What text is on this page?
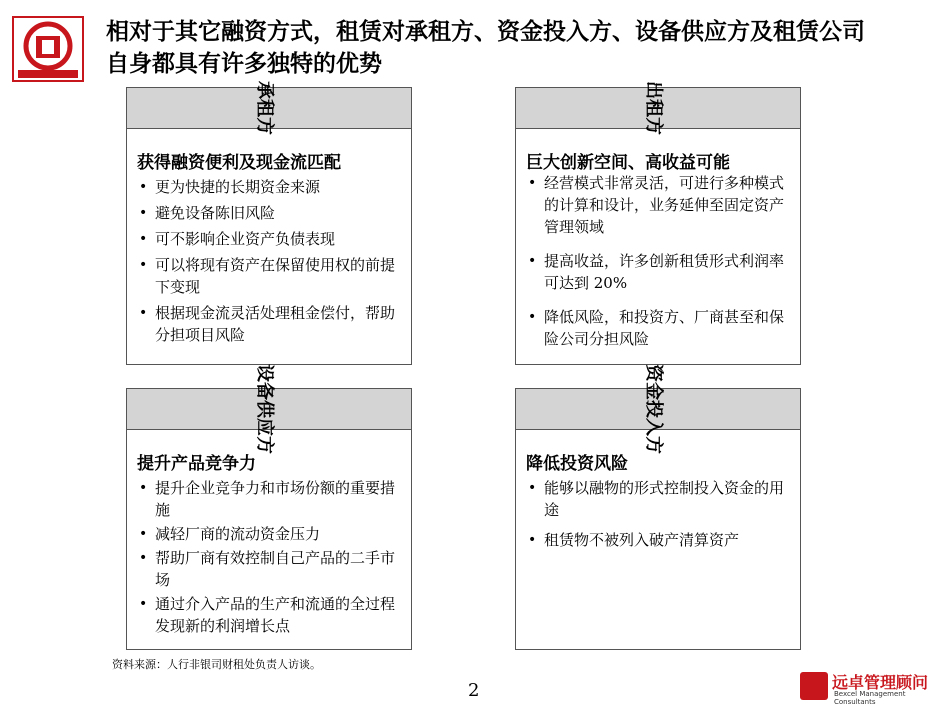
相对于其它融资方式，租赁对承租方、资金投入方、设备供应方及租赁公司自身都具有许多独特的优势
获得融资便利及现金流匹配
• 更为快捷的长期资金来源
• 避免设备陈旧风险
• 可不影响企业资产负债表现
• 可以将现有资产在保留使用权的前提下变现
• 根据现金流灵活处理租金偿付，帮助分担项目风险
承租方
巨大创新空间、高收益可能
• 经营模式非常灵活，可进行多种模式的计算和设计，业务延伸至固定资产管理领域
• 提高收益，许多创新租赁形式利润率可达到 20%
• 降低风险，和投资方、厂商甚至和保险公司分担风险
出租方
提升产品竞争力
• 提升企业竞争力和市场份额的重要措施
• 减轻厂商的流动资金压力
• 帮助厂商有效控制自己产品的二手市场
• 通过介入产品的生产和流通的全过程发现新的利润增长点
设备供应方
降低投资风险
• 能够以融物的形式控制投入资金的用途
• 租赁物不被列入破产清算资产
资金投入方
资料来源：人行非银司财租处负责人访谈。
2	远卓管理顾问
Bexcel Management Consultants
